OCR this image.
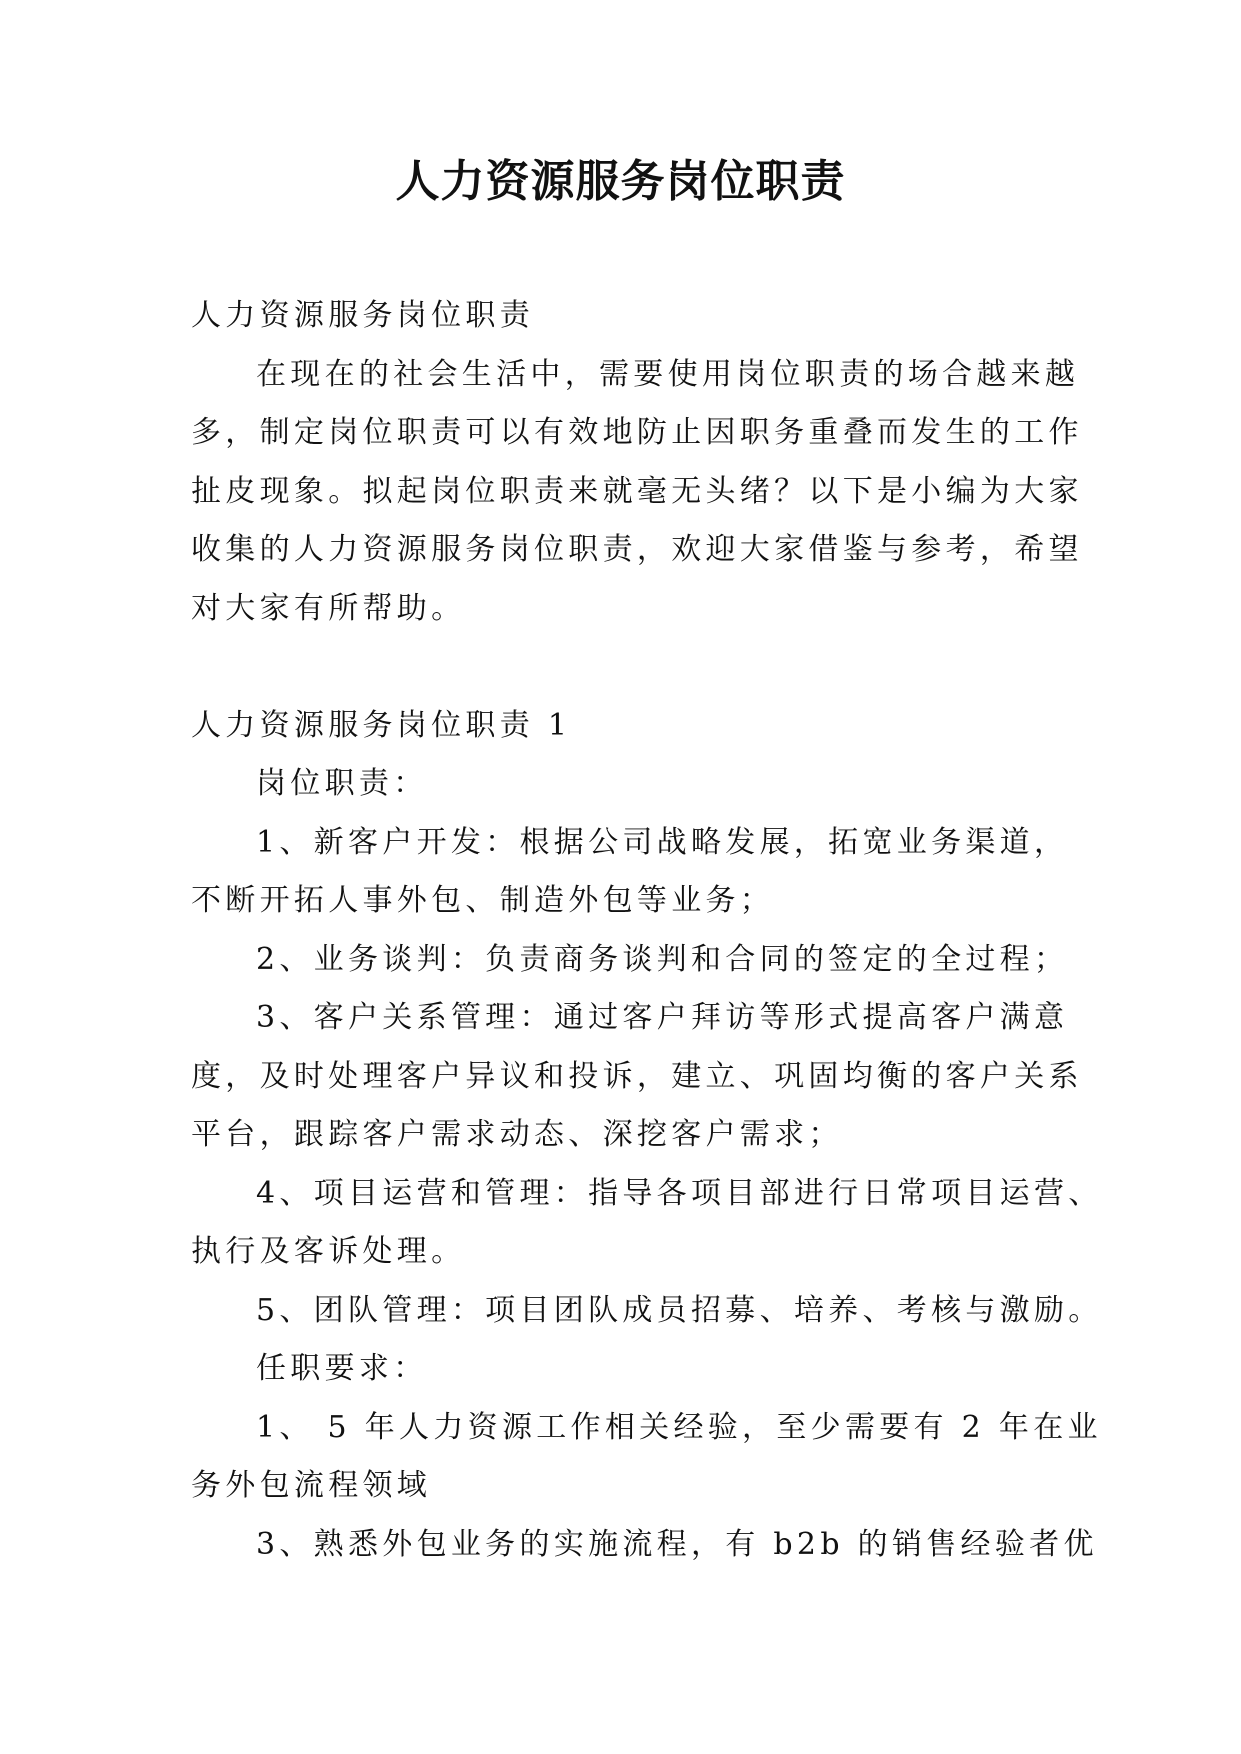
人力资源服务岗位职责

人力资源服务岗位职责

在现在的社会生活中，需要使用岗位职责的场合越来越

多，制定岗位职责可以有效地防止因职务重叠而发生的工作

扯皮现象。拟起岗位职责来就毫无头绪？以下是小编为大家

收集的人力资源服务岗位职责，欢迎大家借鉴与参考，希望

对大家有所帮助。

人力资源服务岗位职责 1

岗位职责：

1、新客户开发：根据公司战略发展，拓宽业务渠道，

不断开拓人事外包、制造外包等业务；

2、业务谈判：负责商务谈判和合同的签定的全过程；

3、客户关系管理：通过客户拜访等形式提高客户满意

度，及时处理客户异议和投诉，建立、巩固均衡的客户关系

平台，跟踪客户需求动态、深挖客户需求；

4、项目运营和管理：指导各项目部进行日常项目运营、

执行及客诉处理。

5、团队管理：项目团队成员招募、培养、考核与激励。

任职要求：

1、 5 年人力资源工作相关经验，至少需要有 2 年在业

务外包流程领域

3、熟悉外包业务的实施流程，有 b2b 的销售经验者优
